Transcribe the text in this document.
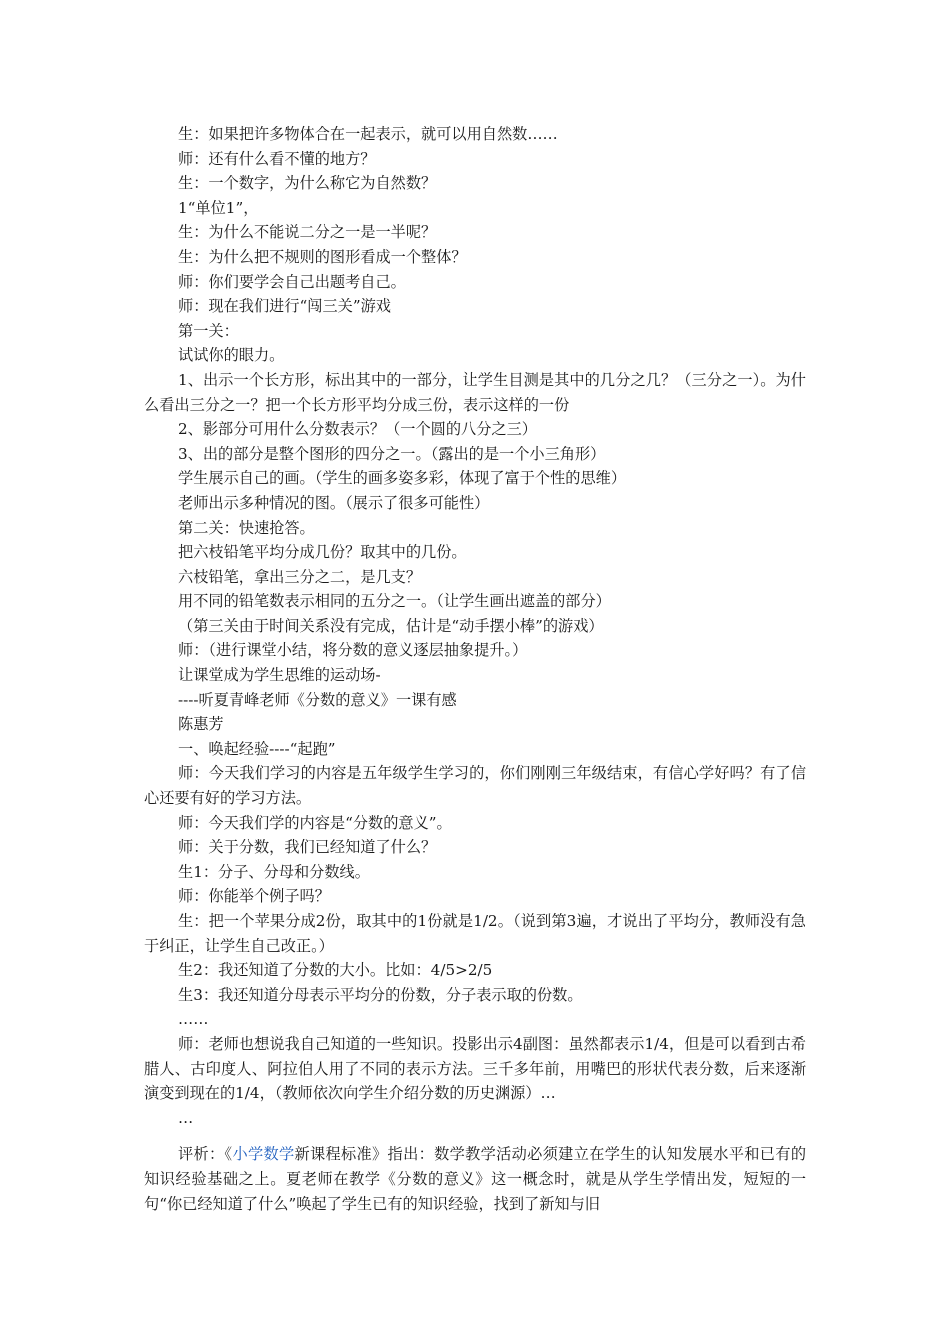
生：如果把许多物体合在一起表示，就可以用自然数……

师：还有什么看不懂的地方？

生：一个数字，为什么称它为自然数？

1“单位1”，

生：为什么不能说二分之一是一半呢？

生：为什么把不规则的图形看成一个整体？

师：你们要学会自己出题考自己。

师：现在我们进行“闯三关”游戏

第一关：

试试你的眼力。

1、出示一个长方形，标出其中的一部分，让学生目测是其中的几分之几？（三分之一）。为什么看出三分之一？把一个长方形平均分成三份，表示这样的一份

2、影部分可用什么分数表示？（一个圆的八分之三）

3、出的部分是整个图形的四分之一。（露出的是一个小三角形）

学生展示自己的画。（学生的画多姿多彩，体现了富于个性的思维）

老师出示多种情况的图。（展示了很多可能性）

第二关：快速抢答。

把六枝铅笔平均分成几份？取其中的几份。

六枝铅笔，拿出三分之二，是几支？

用不同的铅笔数表示相同的五分之一。（让学生画出遮盖的部分）

（第三关由于时间关系没有完成，估计是“动手摆小棒”的游戏）

师：（进行课堂小结，将分数的意义逐层抽象提升。）

让课堂成为学生思维的运动场-

----听夏青峰老师《分数的意义》一课有感

陈惠芳

一、唤起经验----“起跑”

师：今天我们学习的内容是五年级学生学习的，你们刚刚三年级结束，有信心学好吗？有了信心还要有好的学习方法。

师：今天我们学的内容是“分数的意义”。

师：关于分数，我们已经知道了什么？

生1：分子、分母和分数线。

师：你能举个例子吗？

生：把一个苹果分成2份，取其中的1份就是1/2。（说到第3遍，才说出了平均分，教师没有急于纠正，让学生自己改正。）

生2：我还知道了分数的大小。比如：4/5>2/5

生3：我还知道分母表示平均分的份数，分子表示取的份数。

……

师：老师也想说我自己知道的一些知识。投影出示4副图：虽然都表示1/4，但是可以看到古希腊人、古印度人、阿拉伯人用了不同的表示方法。三千多年前，用嘴巴的形状代表分数，后来逐渐演变到现在的1/4，（教师依次向学生介绍分数的历史渊源）…

…

评析：《小学数学新课程标准》指出：数学教学活动必须建立在学生的认知发展水平和已有的知识经验基础之上。夏老师在教学《分数的意义》这一概念时，就是从学生学情出发，短短的一句“你已经知道了什么”唤起了学生已有的知识经验，找到了新知与旧
